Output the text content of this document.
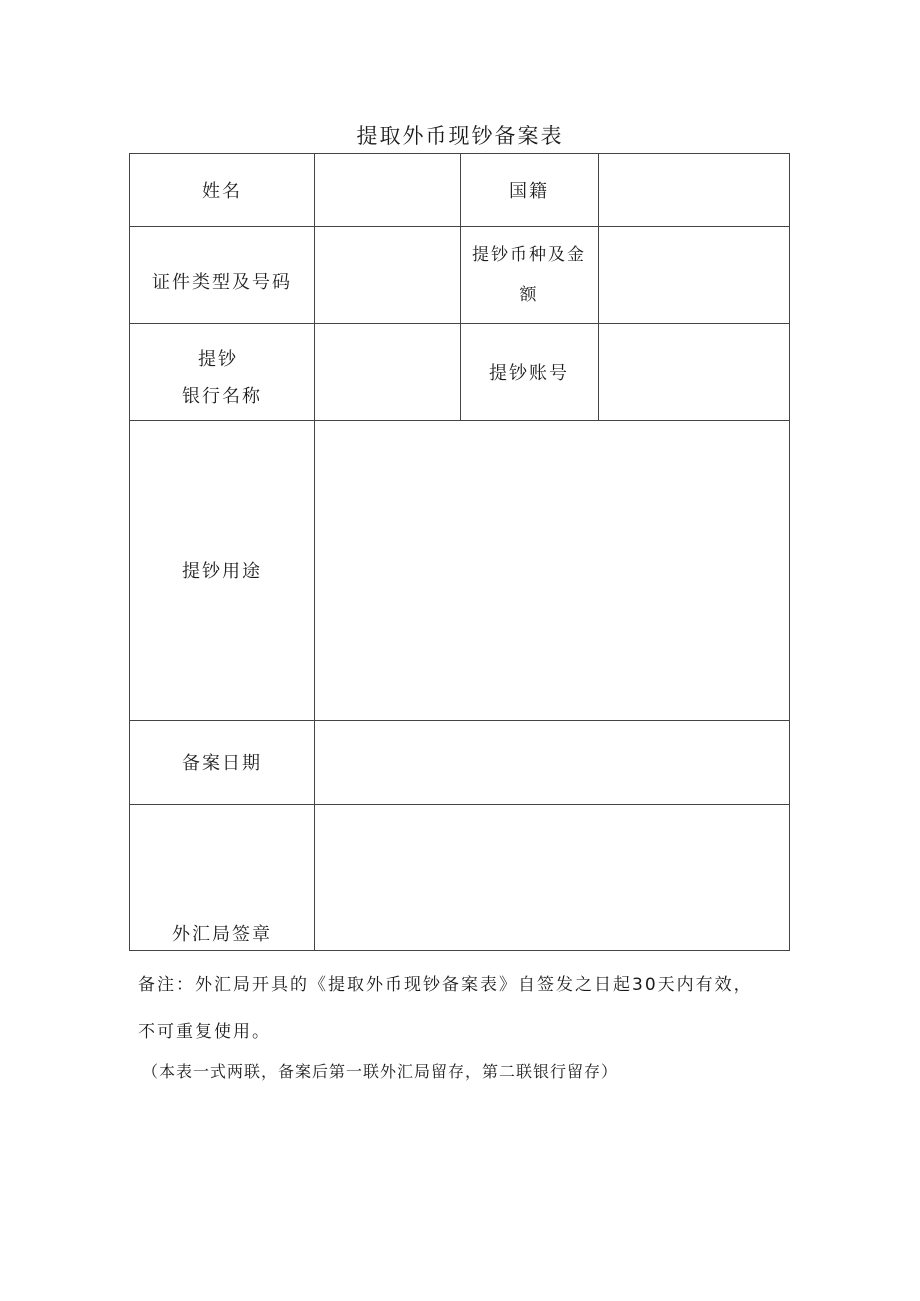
提取外币现钞备案表
姓名	国籍
证件类型及号码
提钞币种及金
额
提钞
银行名称
提钞账号
提钞用途
备案日期
外汇局签章
备注：外汇局开具的《提取外币现钞备案表》自签发之日起30天内有效，
不可重复使用。
（本表一式两联，备案后第一联外汇局留存，第二联银行留存）
